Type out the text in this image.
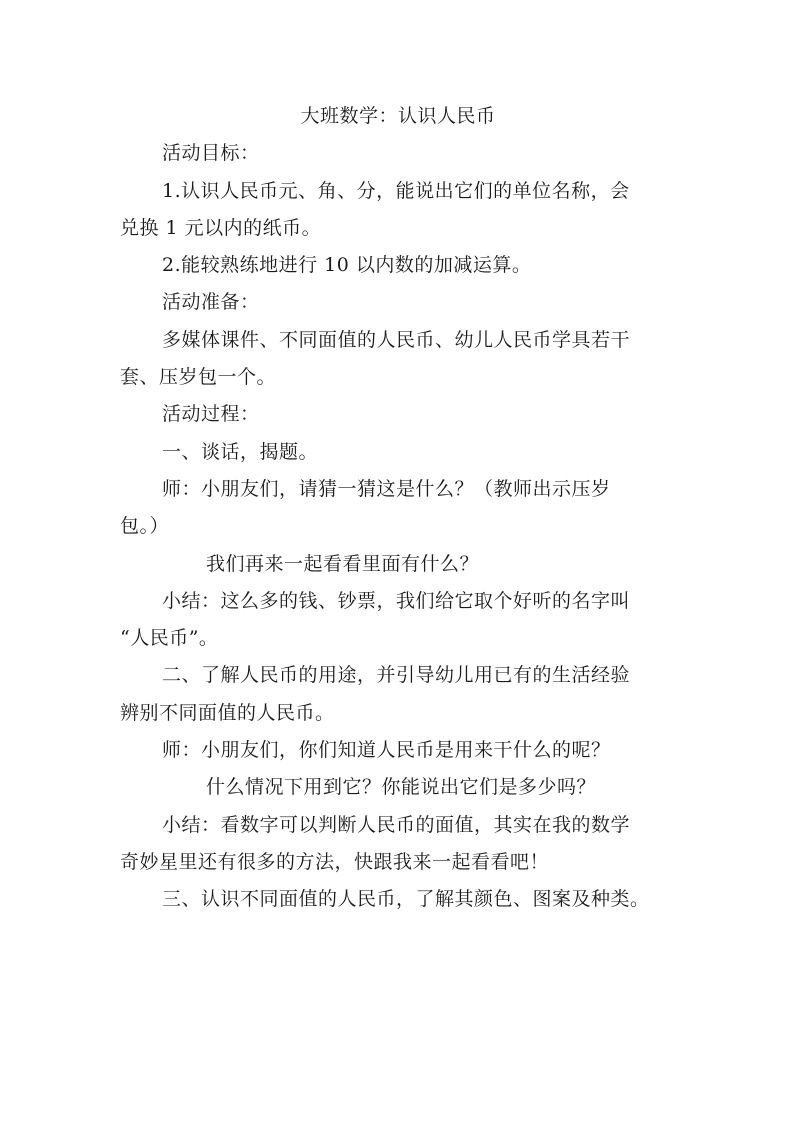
大班数学：认识人民币
活动目标：
1.认识人民币元、角、分，能说出它们的单位名称，会
兑换 1 元以内的纸币。
2.能较熟练地进行 10 以内数的加减运算。
活动准备：
多媒体课件、不同面值的人民币、幼儿人民币学具若干
套、压岁包一个。
活动过程：
一、谈话，揭题。
师：小朋友们，请猜一猜这是什么？（教师出示压岁
包。）
我们再来一起看看里面有什么？
小结：这么多的钱、钞票，我们给它取个好听的名字叫
“人民币”。
二、了解人民币的用途，并引导幼儿用已有的生活经验
辨别不同面值的人民币。
师：小朋友们，你们知道人民币是用来干什么的呢？
什么情况下用到它？你能说出它们是多少吗？
小结：看数字可以判断人民币的面值，其实在我的数学
奇妙星里还有很多的方法，快跟我来一起看看吧！
三、认识不同面值的人民币，了解其颜色、图案及种类。
